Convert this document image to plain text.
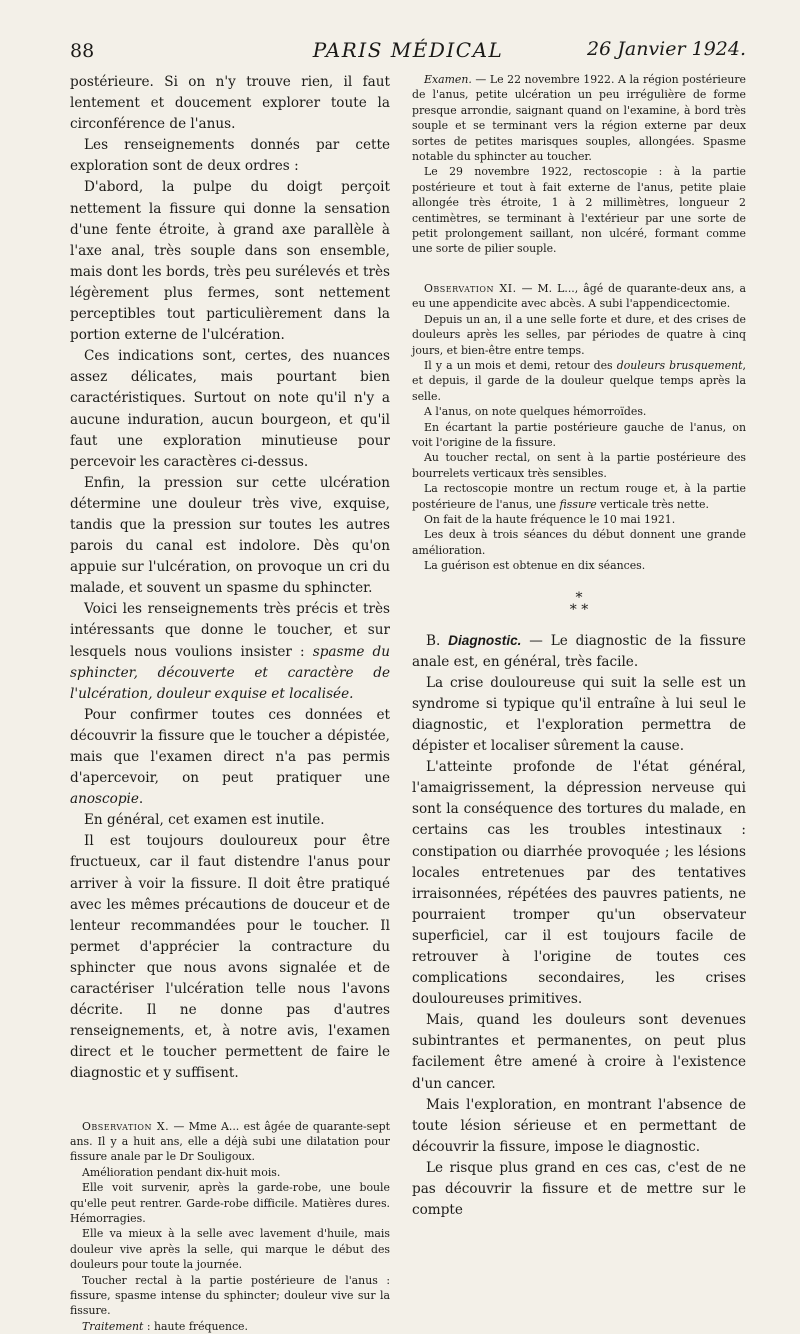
88	PARIS MÉDICAL	26 Janvier 1924.

postérieure. Si on n'y trouve rien, il faut lentement et doucement explorer toute la circonférence de l'anus.

Les renseignements donnés par cette exploration sont de deux ordres :

D'abord, la pulpe du doigt perçoit nettement la fissure qui donne la sensation d'une fente étroite, à grand axe parallèle à l'axe anal, très souple dans son ensemble, mais dont les bords, très peu surélevés et très légèrement plus fermes, sont nettement perceptibles tout particulièrement dans la portion externe de l'ulcération.

Ces indications sont, certes, des nuances assez délicates, mais pourtant bien caractéristiques. Surtout on note qu'il n'y a aucune induration, aucun bourgeon, et qu'il faut une exploration minutieuse pour percevoir les caractères ci-dessus.

Enfin, la pression sur cette ulcération détermine une douleur très vive, exquise, tandis que la pression sur toutes les autres parois du canal est indolore. Dès qu'on appuie sur l'ulcération, on provoque un cri du malade, et souvent un spasme du sphincter.

Voici les renseignements très précis et très intéressants que donne le toucher, et sur lesquels nous voulions insister : spasme du sphincter, découverte et caractère de l'ulcération, douleur exquise et localisée.

Pour confirmer toutes ces données et découvrir la fissure que le toucher a dépistée, mais que l'examen direct n'a pas permis d'apercevoir, on peut pratiquer une anoscopie.

En général, cet examen est inutile.

Il est toujours douloureux pour être fructueux, car il faut distendre l'anus pour arriver à voir la fissure. Il doit être pratiqué avec les mêmes précautions de douceur et de lenteur recommandées pour le toucher. Il permet d'apprécier la contracture du sphincter que nous avons signalée et de caractériser l'ulcération telle nous l'avons décrite. Il ne donne pas d'autres renseignements, et, à notre avis, l'examen direct et le toucher permettent de faire le diagnostic et y suffisent.

Observation X. — Mme A... est âgée de quarante-sept ans. Il y a huit ans, elle a déjà subi une dilatation pour fissure anale par le Dr Souligoux.

Amélioration pendant dix-huit mois.

Elle voit survenir, après la garde-robe, une boule qu'elle peut rentrer. Garde-robe difficile. Matières dures. Hémorragies.

Elle va mieux à la selle avec lavement d'huile, mais douleur vive après la selle, qui marque le début des douleurs pour toute la journée.

Toucher rectal à la partie postérieure de l'anus : fissure, spasme intense du sphincter; douleur vive sur la fissure.

Traitement : haute fréquence.

Examen. — Le 22 novembre 1922. A la région postérieure de l'anus, petite ulcération un peu irrégulière de forme presque arrondie, saignant quand on l'examine, à bord très souple et se terminant vers la région externe par deux sortes de petites marisques souples, allongées. Spasme notable du sphincter au toucher.

Le 29 novembre 1922, rectoscopie : à la partie postérieure et tout à fait externe de l'anus, petite plaie allongée très étroite, 1 à 2 millimètres, longueur 2 centimètres, se terminant à l'extérieur par une sorte de petit prolongement saillant, non ulcéré, formant comme une sorte de pilier souple.

Observation XI. — M. L..., âgé de quarante-deux ans, a eu une appendicite avec abcès. A subi l'appendicectomie.

Depuis un an, il a une selle forte et dure, et des crises de douleurs après les selles, par périodes de quatre à cinq jours, et bien-être entre temps.

Il y a un mois et demi, retour des douleurs brusquement, et depuis, il garde de la douleur quelque temps après la selle.

A l'anus, on note quelques hémorroïdes.

En écartant la partie postérieure gauche de l'anus, on voit l'origine de la fissure.

Au toucher rectal, on sent à la partie postérieure des bourrelets verticaux très sensibles.

La rectoscopie montre un rectum rouge et, à la partie postérieure de l'anus, une fissure verticale très nette.

On fait de la haute fréquence le 10 mai 1921.

Les deux à trois séances du début donnent une grande amélioration.

La guérison est obtenue en dix séances.

*
* *

B. Diagnostic. — Le diagnostic de la fissure anale est, en général, très facile.

La crise douloureuse qui suit la selle est un syndrome si typique qu'il entraîne à lui seul le diagnostic, et l'exploration permettra de dépister et localiser sûrement la cause.

L'atteinte profonde de l'état général, l'amaigrissement, la dépression nerveuse qui sont la conséquence des tortures du malade, en certains cas les troubles intestinaux : constipation ou diarrhée provoquée ; les lésions locales entretenues par des tentatives irraisonnées, répétées des pauvres patients, ne pourraient tromper qu'un observateur superficiel, car il est toujours facile de retrouver à l'origine de toutes ces complications secondaires, les crises douloureuses primitives.

Mais, quand les douleurs sont devenues subintrantes et permanentes, on peut plus facilement être amené à croire à l'existence d'un cancer.

Mais l'exploration, en montrant l'absence de toute lésion sérieuse et en permettant de découvrir la fissure, impose le diagnostic.

Le risque plus grand en ces cas, c'est de ne pas découvrir la fissure et de mettre sur le compte
